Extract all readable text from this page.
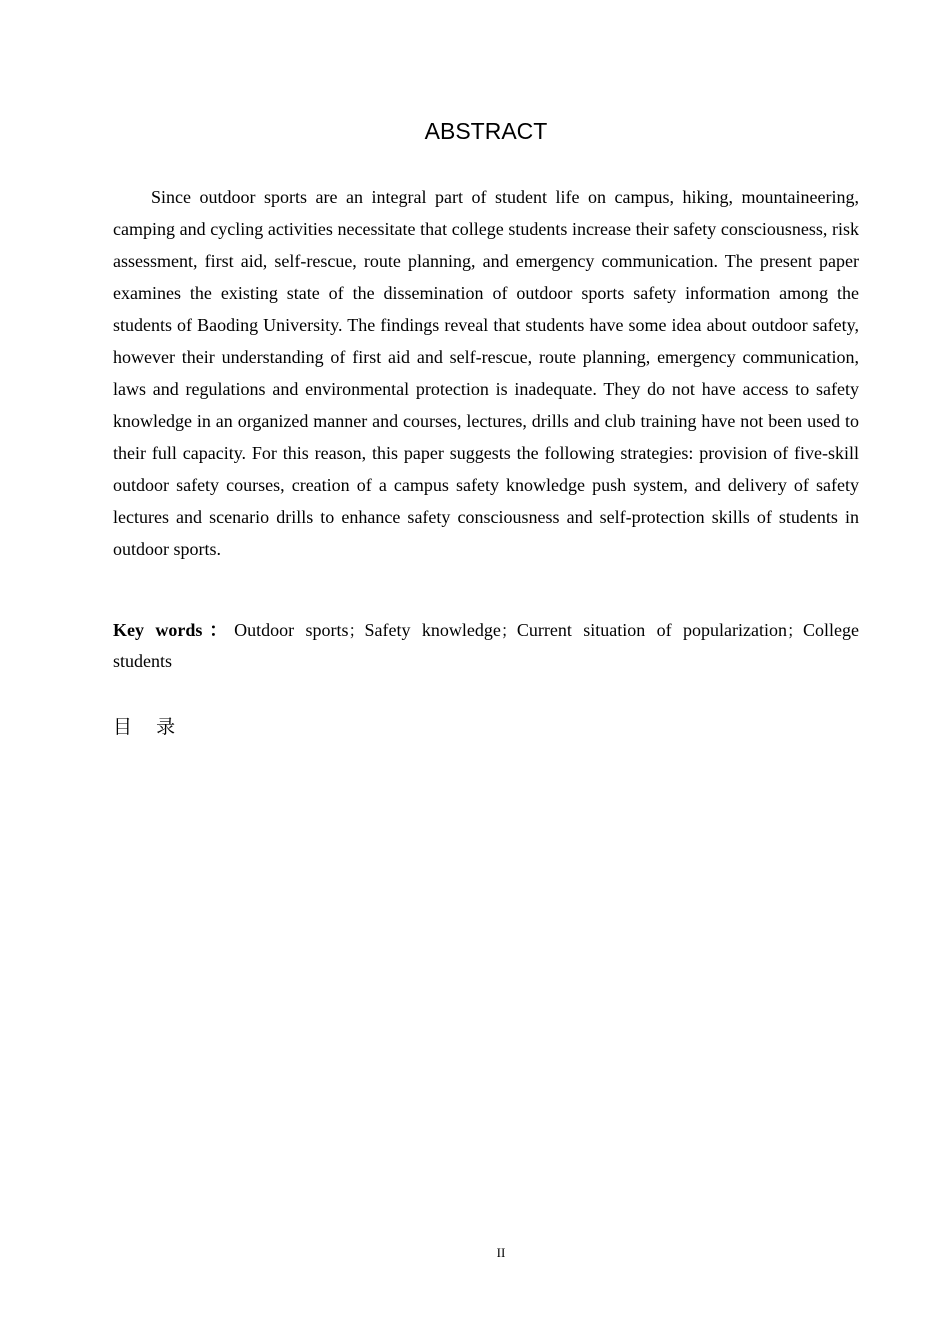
ABSTRACT

Since outdoor sports are an integral part of student life on campus, hiking, mountaineering, camping and cycling activities necessitate that college students increase their safety consciousness, risk assessment, first aid, self-rescue, route planning, and emergency communication. The present paper examines the existing state of the dissemination of outdoor sports safety information among the students of Baoding University. The findings reveal that students have some idea about outdoor safety, however their understanding of first aid and self-rescue, route planning, emergency communication, laws and regulations and environmental protection is inadequate. They do not have access to safety knowledge in an organized manner and courses, lectures, drills and club training have not been used to their full capacity. For this reason, this paper suggests the following strategies: provision of five-skill outdoor safety courses, creation of a campus safety knowledge push system, and delivery of safety lectures and scenario drills to enhance safety consciousness and self-protection skills of students in outdoor sports.

Key words：Outdoor sports；Safety knowledge；Current situation of popularization；College students

目    录
II
